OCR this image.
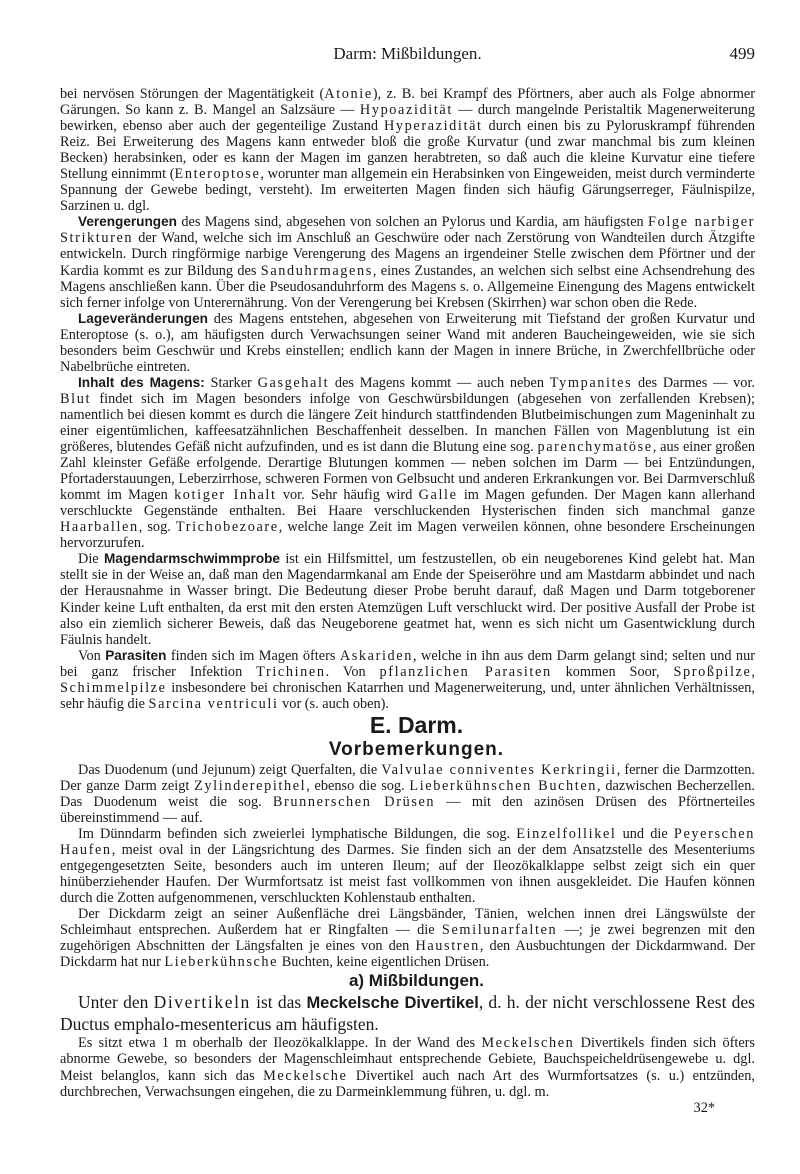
Darm: Mißbildungen.	499

bei nervösen Störungen der Magentätigkeit (Atonie), z. B. bei Krampf des Pförtners, aber auch als Folge abnormer Gärungen. So kann z. B. Mangel an Salzsäure — Hypoazidität — durch mangelnde Peristaltik Magenerweiterung bewirken, ebenso aber auch der gegenteilige Zustand Hyperazidität durch einen bis zu Pyloruskrampf führenden Reiz. Bei Erweiterung des Magens kann entweder bloß die große Kurvatur (und zwar manchmal bis zum kleinen Becken) herabsinken, oder es kann der Magen im ganzen herabtreten, so daß auch die kleine Kurvatur eine tiefere Stellung einnimmt (Enteroptose, worunter man allgemein ein Herabsinken von Eingeweiden, meist durch verminderte Spannung der Gewebe bedingt, versteht). Im erweiterten Magen finden sich häufig Gärungserreger, Fäulnispilze, Sarzinen u. dgl.

Verengerungen des Magens sind, abgesehen von solchen an Pylorus und Kardia, am häufigsten Folge narbiger Strikturen der Wand, welche sich im Anschluß an Geschwüre oder nach Zerstörung von Wandteilen durch Ätzgifte entwickeln. Durch ringförmige narbige Verengerung des Magens an irgendeiner Stelle zwischen dem Pförtner und der Kardia kommt es zur Bildung des Sanduhrmagens, eines Zustandes, an welchen sich selbst eine Achsendrehung des Magens anschließen kann. Über die Pseudosanduhrform des Magens s. o. Allgemeine Einengung des Magens entwickelt sich ferner infolge von Unterernährung. Von der Verengerung bei Krebsen (Skirrhen) war schon oben die Rede.

Lageveränderungen des Magens entstehen, abgesehen von Erweiterung mit Tiefstand der großen Kurvatur und Enteroptose (s. o.), am häufigsten durch Verwachsungen seiner Wand mit anderen Baucheingeweiden, wie sie sich besonders beim Geschwür und Krebs einstellen; endlich kann der Magen in innere Brüche, in Zwerchfellbrüche oder Nabelbrüche eintreten.

Inhalt des Magens: Starker Gasgehalt des Magens kommt — auch neben Tympanites des Darmes — vor. Blut findet sich im Magen besonders infolge von Geschwürsbildungen (abgesehen von zerfallenden Krebsen); namentlich bei diesen kommt es durch die längere Zeit hindurch stattfindenden Blutbeimischungen zum Mageninhalt zu einer eigentümlichen, kaffeesatzähnlichen Beschaffenheit desselben. In manchen Fällen von Magenblutung ist ein größeres, blutendes Gefäß nicht aufzufinden, und es ist dann die Blutung eine sog. parenchymatöse, aus einer großen Zahl kleinster Gefäße erfolgende. Derartige Blutungen kommen — neben solchen im Darm — bei Entzündungen, Pfortaderstauungen, Leberzirrhose, schweren Formen von Gelbsucht und anderen Erkrankungen vor. Bei Darmverschluß kommt im Magen kotiger Inhalt vor. Sehr häufig wird Galle im Magen gefunden. Der Magen kann allerhand verschluckte Gegenstände enthalten. Bei Haare verschluckenden Hysterischen finden sich manchmal ganze Haarballen, sog. Trichobezoare, welche lange Zeit im Magen verweilen können, ohne besondere Erscheinungen hervorzurufen.

Die Magendarmschwimmprobe ist ein Hilfsmittel, um festzustellen, ob ein neugeborenes Kind gelebt hat. Man stellt sie in der Weise an, daß man den Magendarmkanal am Ende der Speiseröhre und am Mastdarm abbindet und nach der Herausnahme in Wasser bringt. Die Bedeutung dieser Probe beruht darauf, daß Magen und Darm totgeborener Kinder keine Luft enthalten, da erst mit den ersten Atemzügen Luft verschluckt wird. Der positive Ausfall der Probe ist also ein ziemlich sicherer Beweis, daß das Neugeborene geatmet hat, wenn es sich nicht um Gasentwicklung durch Fäulnis handelt.

Von Parasiten finden sich im Magen öfters Askariden, welche in ihn aus dem Darm gelangt sind; selten und nur bei ganz frischer Infektion Trichinen. Von pflanzlichen Parasiten kommen Soor, Sproßpilze, Schimmelpilze insbesondere bei chronischen Katarrhen und Magenerweiterung, und, unter ähnlichen Verhältnissen, sehr häufig die Sarcina ventriculi vor (s. auch oben).

E. Darm.

Vorbemerkungen.

Das Duodenum (und Jejunum) zeigt Querfalten, die Valvulae conniventes Kerkringii, ferner die Darmzotten. Der ganze Darm zeigt Zylinderepithel, ebenso die sog. Lieberkühnschen Buchten, dazwischen Becherzellen. Das Duodenum weist die sog. Brunnerschen Drüsen — mit den azinösen Drüsen des Pförtnerteiles übereinstimmend — auf.

Im Dünndarm befinden sich zweierlei lymphatische Bildungen, die sog. Einzelfollikel und die Peyerschen Haufen, meist oval in der Längsrichtung des Darmes. Sie finden sich an der dem Ansatzstelle des Mesenteriums entgegengesetzten Seite, besonders auch im unteren Ileum; auf der Ileozökalklappe selbst zeigt sich ein quer hinüberziehender Haufen. Der Wurmfortsatz ist meist fast vollkommen von ihnen ausgekleidet. Die Haufen können durch die Zotten aufgenommenen, verschluckten Kohlenstaub enthalten.

Der Dickdarm zeigt an seiner Außenfläche drei Längsbänder, Tänien, welchen innen drei Längswülste der Schleimhaut entsprechen. Außerdem hat er Ringfalten — die Semilunarfalten —; je zwei begrenzen mit den zugehörigen Abschnitten der Längsfalten je eines von den Haustren, den Ausbuchtungen der Dickdarmwand. Der Dickdarm hat nur Lieberkühnsche Buchten, keine eigentlichen Drüsen.

a) Mißbildungen.

Unter den Divertikeln ist das Meckelsche Divertikel, d. h. der nicht verschlossene Rest des Ductus emphalo-mesentericus am häufigsten.

Es sitzt etwa 1 m oberhalb der Ileozökalklappe. In der Wand des Meckelschen Divertikels finden sich öfters abnorme Gewebe, so besonders der Magenschleimhaut entsprechende Gebiete, Bauchspeicheldrüsengewebe u. dgl. Meist belanglos, kann sich das Meckelsche Divertikel auch nach Art des Wurmfortsatzes (s. u.) entzünden, durchbrechen, Verwachsungen eingehen, die zu Darmeinklemmung führen, u. dgl. m.

32*
